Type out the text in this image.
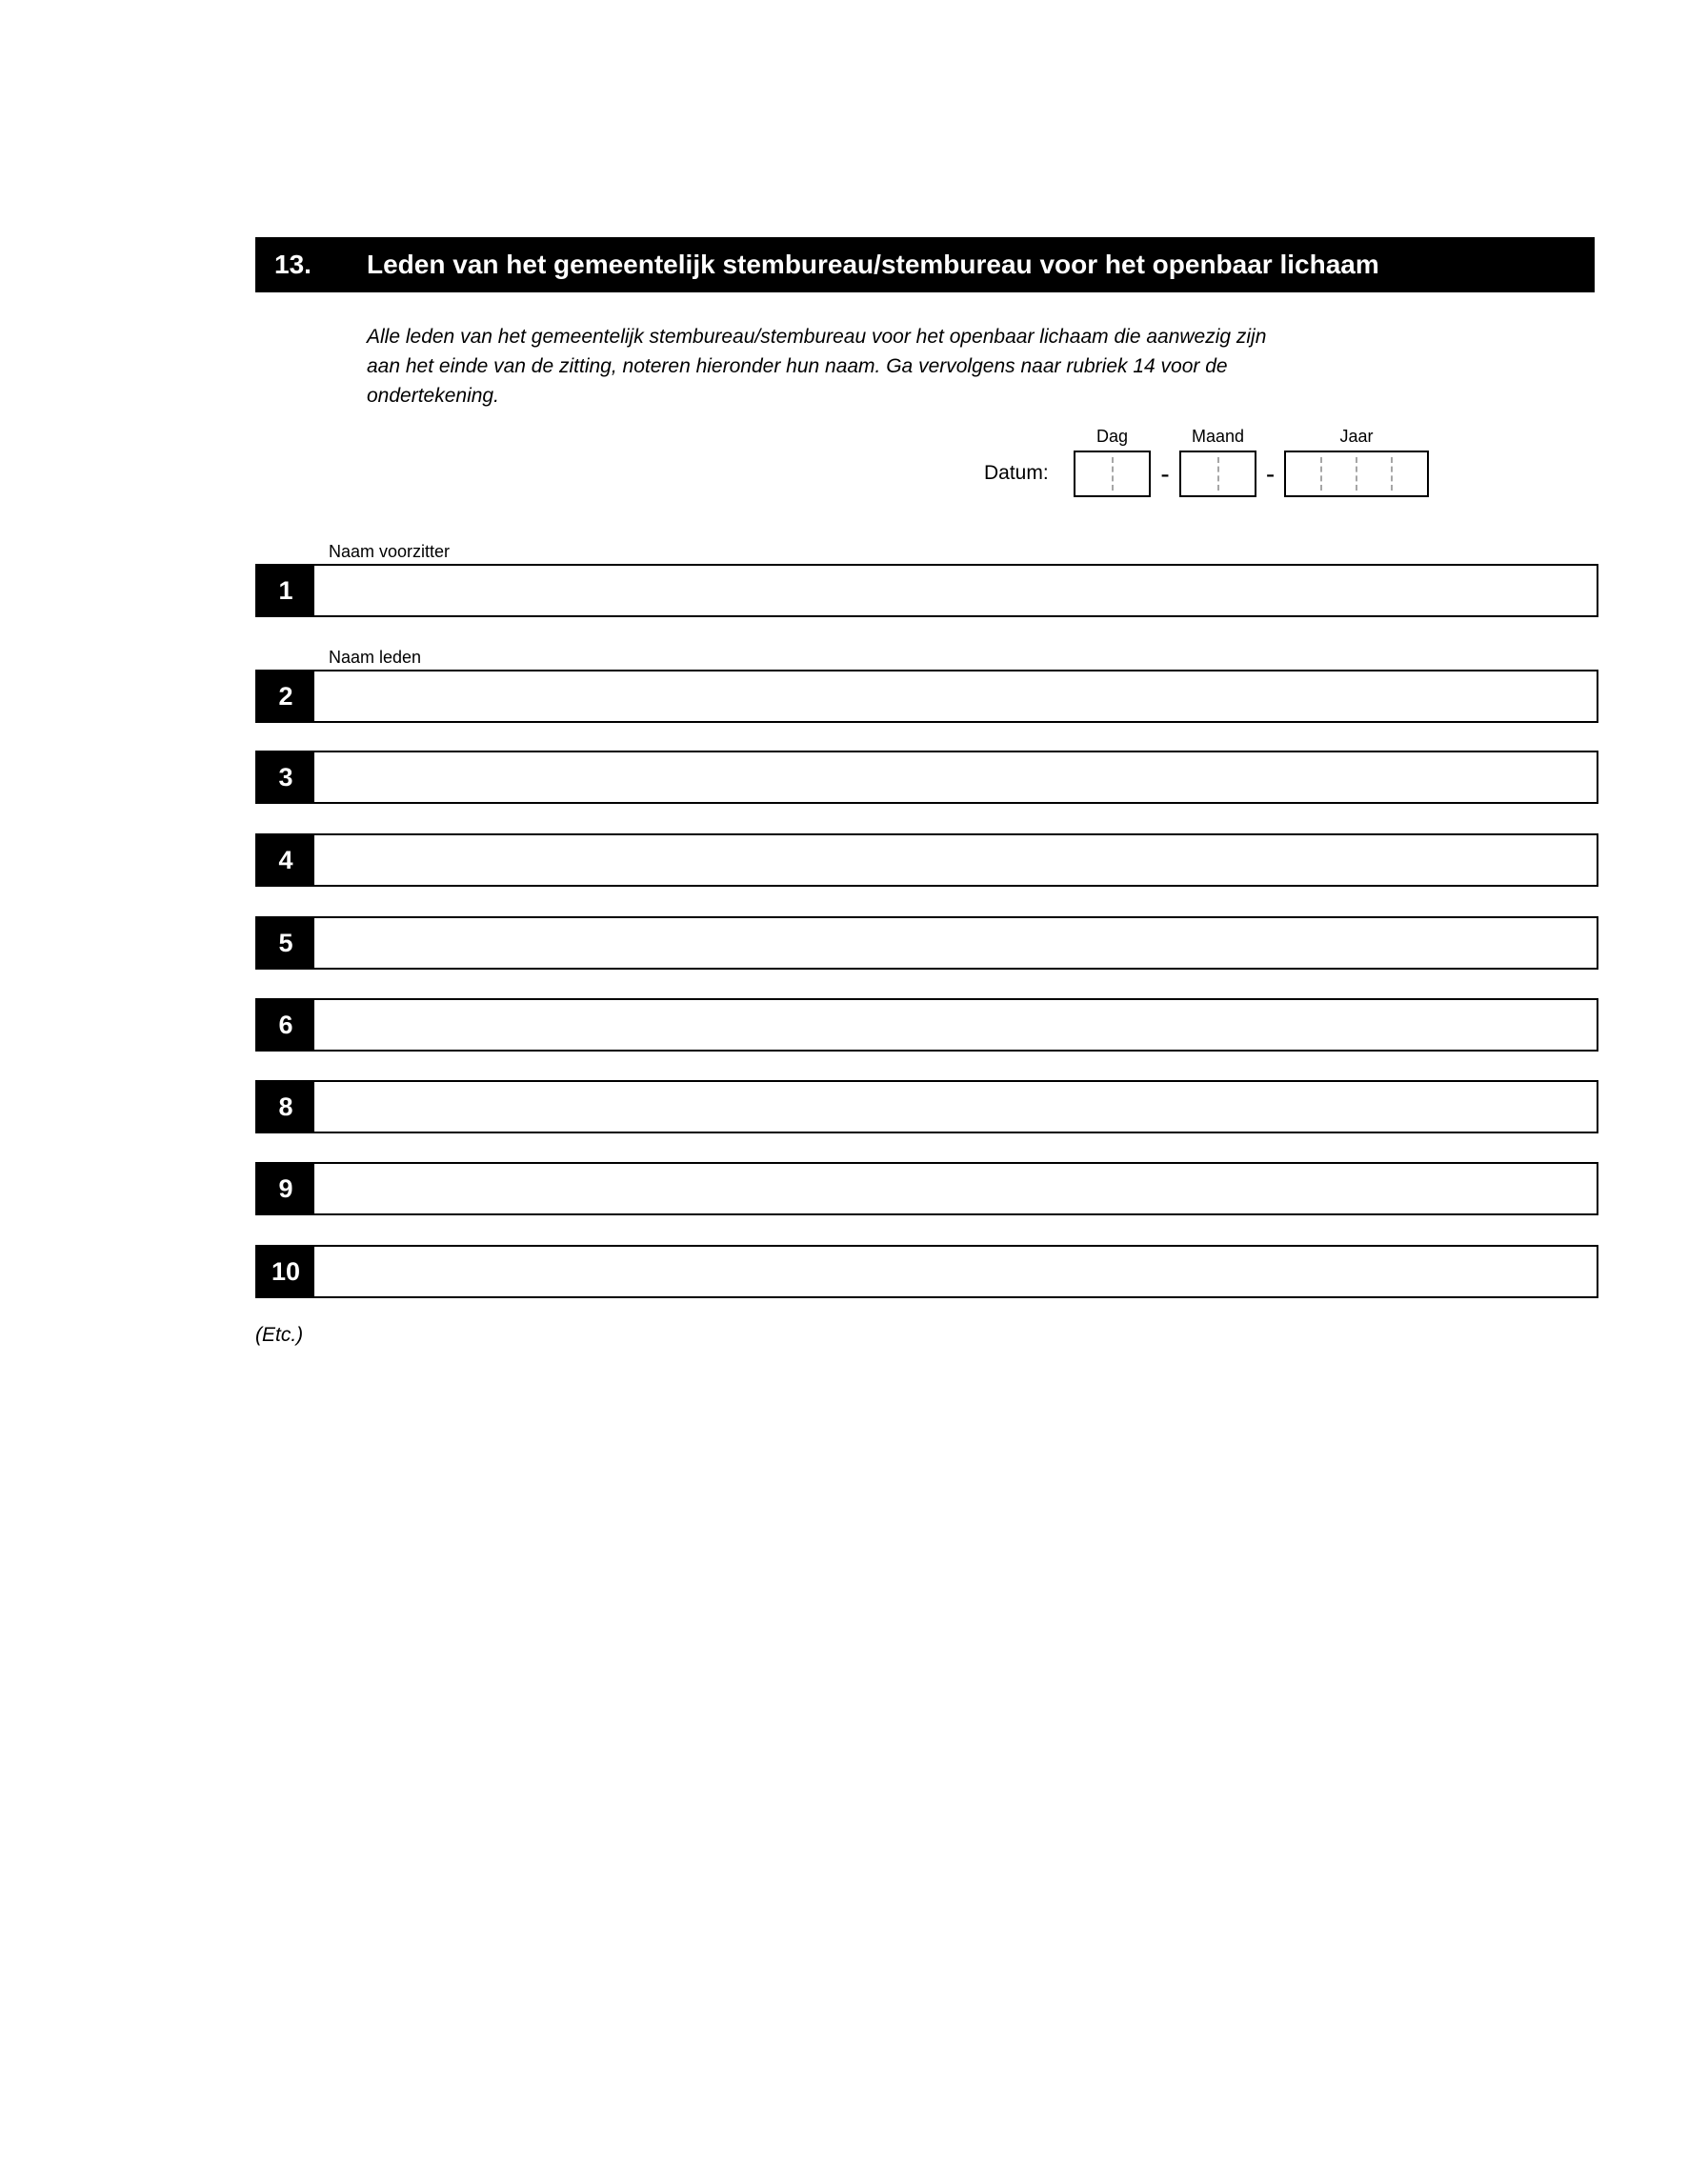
13.	Leden van het gemeentelijk stembureau/stembureau voor het openbaar lichaam
Alle leden van het gemeentelijk stembureau/stembureau voor het openbaar lichaam die aanwezig zijn
aan het einde van de zitting, noteren hieronder hun naam. Ga vervolgens naar rubriek 14 voor de
ondertekening.
Datum:
Dag	Maand	Jaar
-	-
Naam voorzitter
1
Naam leden
2
3
4
5
6
8
9
10
(Etc.)
